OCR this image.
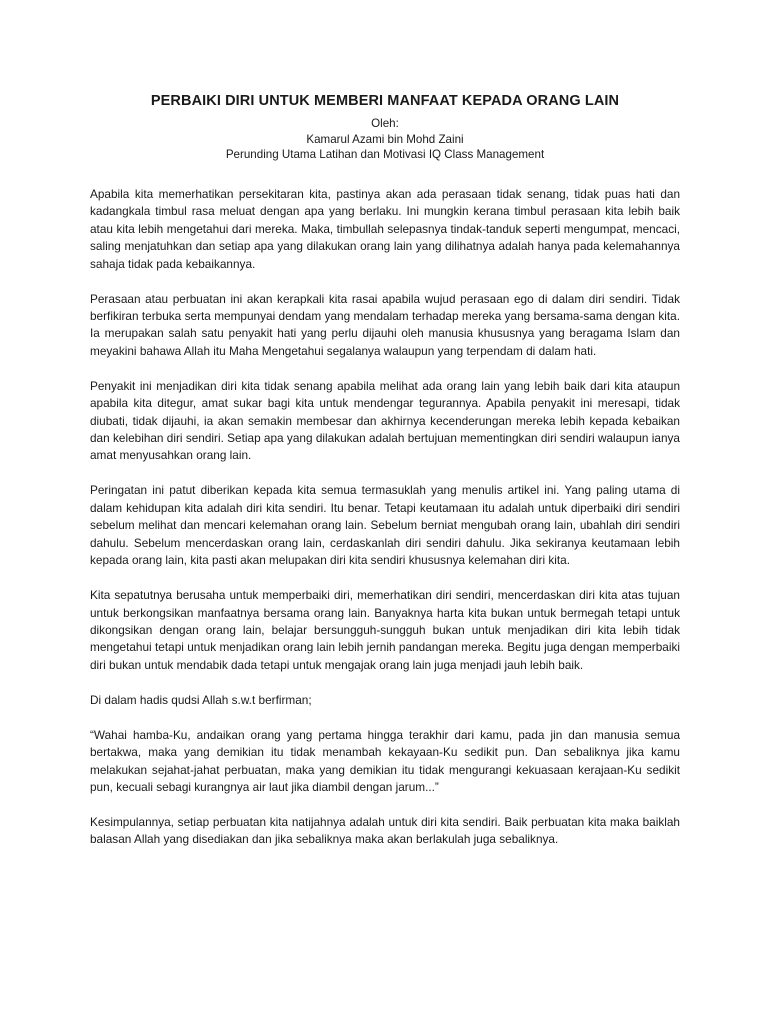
PERBAIKI DIRI UNTUK MEMBERI MANFAAT KEPADA ORANG LAIN

Oleh:

Kamarul Azami bin Mohd Zaini

Perunding Utama Latihan dan Motivasi IQ Class Management

Apabila kita memerhatikan persekitaran kita, pastinya akan ada perasaan tidak senang, tidak puas hati dan kadangkala timbul rasa meluat dengan apa yang berlaku. Ini mungkin kerana timbul perasaan kita lebih baik atau kita lebih mengetahui dari mereka. Maka, timbullah selepasnya tindak-tanduk seperti mengumpat, mencaci, saling menjatuhkan dan setiap apa yang dilakukan orang lain yang dilihatnya adalah hanya pada kelemahannya sahaja tidak pada kebaikannya.

Perasaan atau perbuatan ini akan kerapkali kita rasai apabila wujud perasaan ego di dalam diri sendiri. Tidak berfikiran terbuka serta mempunyai dendam yang mendalam terhadap mereka yang bersama-sama dengan kita. Ia merupakan salah satu penyakit hati yang perlu dijauhi oleh manusia khususnya yang beragama Islam dan meyakini bahawa Allah itu Maha Mengetahui segalanya walaupun yang terpendam di dalam hati.

Penyakit ini menjadikan diri kita tidak senang apabila melihat ada orang lain yang lebih baik dari kita ataupun apabila kita ditegur, amat sukar bagi kita untuk mendengar tegurannya. Apabila penyakit ini meresapi, tidak diubati, tidak dijauhi, ia akan semakin membesar dan akhirnya kecenderungan mereka lebih kepada kebaikan dan kelebihan diri sendiri. Setiap apa yang dilakukan adalah bertujuan mementingkan diri sendiri walaupun ianya amat menyusahkan orang lain.

Peringatan ini patut diberikan kepada kita semua termasuklah yang menulis artikel ini. Yang paling utama di dalam kehidupan kita adalah diri kita sendiri. Itu benar. Tetapi keutamaan itu adalah untuk diperbaiki diri sendiri sebelum melihat dan mencari kelemahan orang lain. Sebelum berniat mengubah orang lain, ubahlah diri sendiri dahulu. Sebelum mencerdaskan orang lain, cerdaskanlah diri sendiri dahulu. Jika sekiranya keutamaan lebih kepada orang lain, kita pasti akan melupakan diri kita sendiri khususnya kelemahan diri kita.

Kita sepatutnya berusaha untuk memperbaiki diri, memerhatikan diri sendiri, mencerdaskan diri kita atas tujuan untuk berkongsikan manfaatnya bersama orang lain. Banyaknya harta kita bukan untuk bermegah tetapi untuk dikongsikan dengan orang lain, belajar bersungguh-sungguh bukan untuk menjadikan diri kita lebih tidak mengetahui tetapi untuk menjadikan orang lain lebih jernih pandangan mereka. Begitu juga dengan memperbaiki diri bukan untuk mendabik dada tetapi untuk mengajak orang lain juga menjadi jauh lebih baik.

Di dalam hadis qudsi Allah s.w.t berfirman;

“Wahai hamba-Ku, andaikan orang yang pertama hingga terakhir dari kamu, pada jin dan manusia semua bertakwa, maka yang demikian itu tidak menambah kekayaan-Ku sedikit pun. Dan sebaliknya jika kamu melakukan sejahat-jahat perbuatan, maka yang demikian itu tidak mengurangi kekuasaan kerajaan-Ku sedikit pun, kecuali sebagi kurangnya air laut jika diambil dengan jarum...”

Kesimpulannya, setiap perbuatan kita natijahnya adalah untuk diri kita sendiri. Baik perbuatan kita maka baiklah balasan Allah yang disediakan dan jika sebaliknya maka akan berlakulah juga sebaliknya.
